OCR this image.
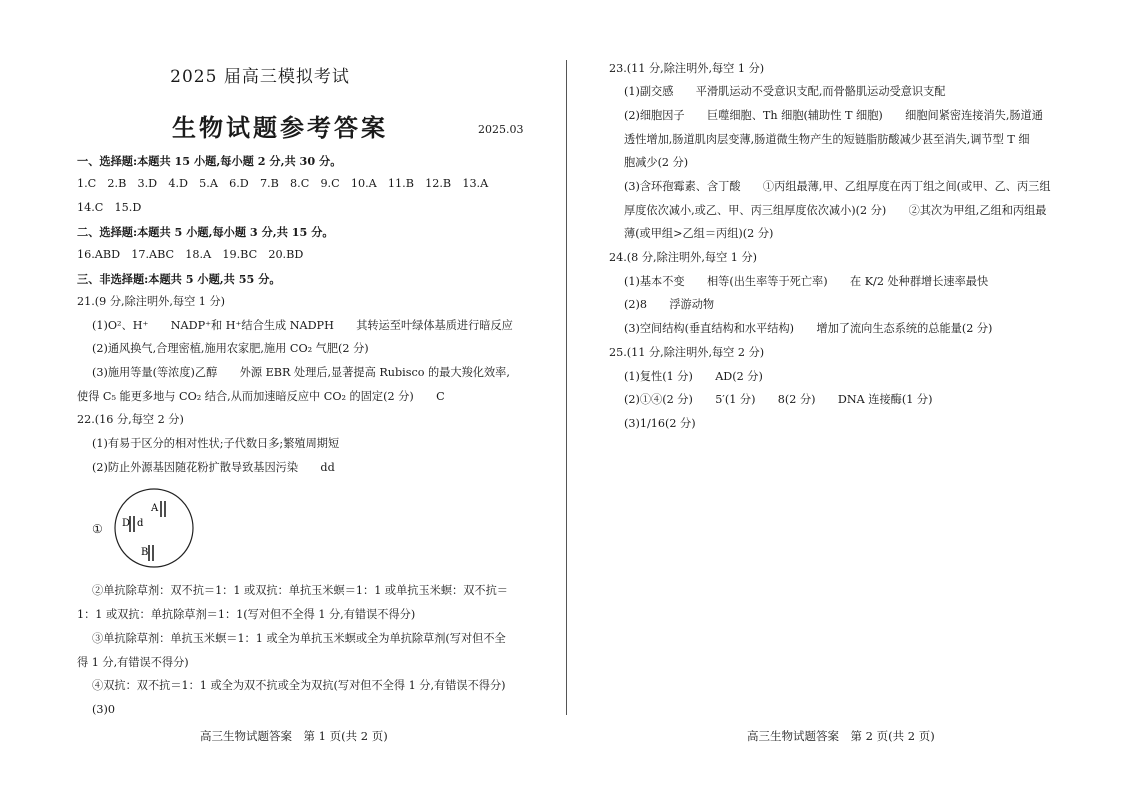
2025 届高三模拟考试
生物试题参考答案	2025.03
一、选择题:本题共 15 小题,每小题 2 分,共 30 分。
1.C　2.B　3.D　4.D　5.A　6.D　7.B　8.C　9.C　10.A　11.B　12.B　13.A
14.C　15.D
二、选择题:本题共 5 小题,每小题 3 分,共 15 分。
16.ABD　17.ABC　18.A　19.BC　20.BD
三、非选择题:本题共 5 小题,共 55 分。
21.(9 分,除注明外,每空 1 分)
(1)O²、H⁺　　NADP⁺和 H⁺结合生成 NADPH　　其转运至叶绿体基质进行暗反应
(2)通风换气,合理密植,施用农家肥,施用 CO₂ 气肥(2 分)
(3)施用等量(等浓度)乙醇　　外源 EBR 处理后,显著提高 Rubisco 的最大羧化效率,
使得 C₅ 能更多地与 CO₂ 结合,从而加速暗反应中 CO₂ 的固定(2 分)　　C
22.(16 分,每空 2 分)
(1)有易于区分的相对性状;子代数日多;繁殖周期短
(2)防止外源基因随花粉扩散导致基因污染　　dd
①
A
D d
B
②单抗除草剂：双不抗＝1：1 或双抗：单抗玉米螟＝1：1 或单抗玉米螟：双不抗＝
1：1 或双抗：单抗除草剂＝1：1(写对但不全得 1 分,有错误不得分)
③单抗除草剂：单抗玉米螟＝1：1 或全为单抗玉米螟或全为单抗除草剂(写对但不全
得 1 分,有错误不得分)
④双抗：双不抗＝1：1 或全为双不抗或全为双抗(写对但不全得 1 分,有错误不得分)
(3)0
高三生物试题答案　第 1 页(共 2 页)
23.(11 分,除注明外,每空 1 分)
(1)副交感　　平滑肌运动不受意识支配,而骨骼肌运动受意识支配
(2)细胞因子　　巨噬细胞、Th 细胞(辅助性 T 细胞)　　细胞间紧密连接消失,肠道通
透性增加,肠道肌肉层变薄,肠道微生物产生的短链脂肪酸减少甚至消失,调节型 T 细
胞减少(2 分)
(3)含环孢霉素、含丁酸　　①丙组最薄,甲、乙组厚度在丙丁组之间(或甲、乙、丙三组
厚度依次减小,或乙、甲、丙三组厚度依次减小)(2 分)　　②其次为甲组,乙组和丙组最
薄(或甲组>乙组＝丙组)(2 分)
24.(8 分,除注明外,每空 1 分)
(1)基本不变　　相等(出生率等于死亡率)　　在 K/2 处种群增长速率最快
(2)8　　浮游动物
(3)空间结构(垂直结构和水平结构)　　增加了流向生态系统的总能量(2 分)
25.(11 分,除注明外,每空 2 分)
(1)复性(1 分)　　AD(2 分)
(2)①④(2 分)　　5′(1 分)　　8(2 分)　　DNA 连接酶(1 分)
(3)1/16(2 分)
高三生物试题答案　第 2 页(共 2 页)
